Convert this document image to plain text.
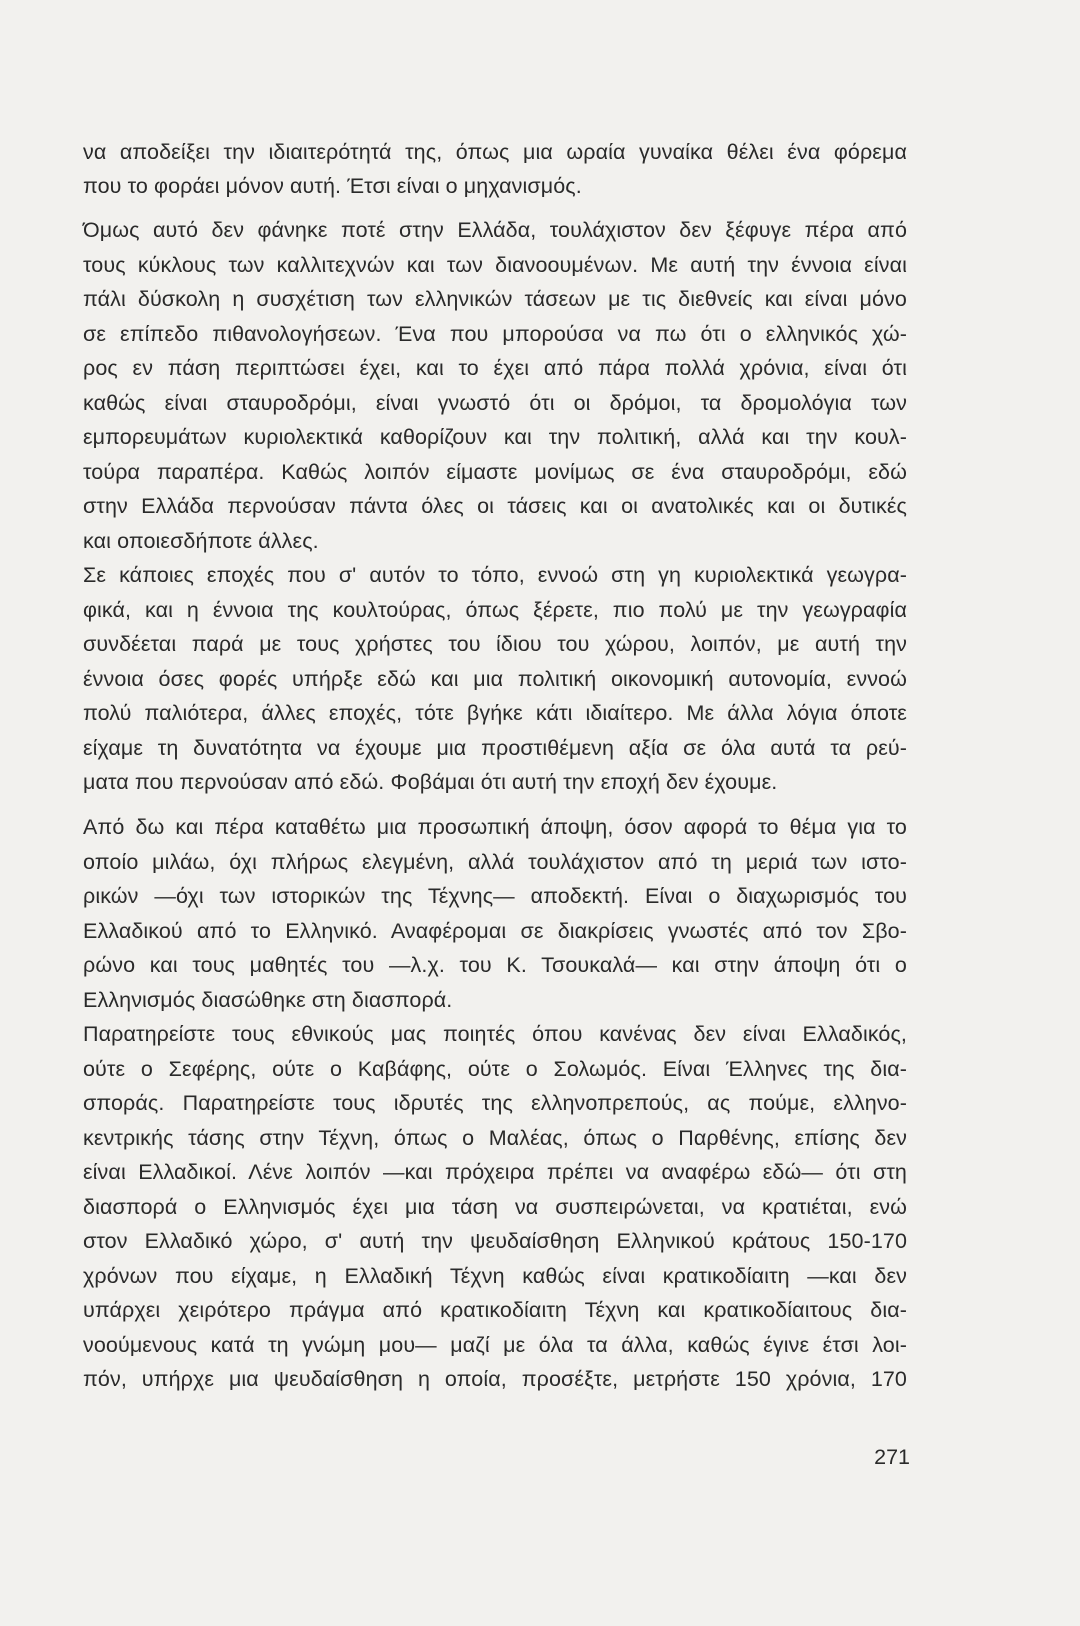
να αποδείξει την ιδιαιτερότητά της, όπως μια ωραία γυναίκα θέλει ένα φόρεμα
που το φοράει μόνον αυτή. Έτσι είναι ο μηχανισμός.
Όμως αυτό δεν φάνηκε ποτέ στην Ελλάδα, τουλάχιστον δεν ξέφυγε πέρα από
τους κύκλους των καλλιτεχνών και των διανοουμένων. Με αυτή την έννοια είναι
πάλι δύσκολη η συσχέτιση των ελληνικών τάσεων με τις διεθνείς και είναι μόνο
σε επίπεδο πιθανολογήσεων. Ένα που μπορούσα να πω ότι ο ελληνικός χώ-
ρος εν πάση περιπτώσει έχει, και το έχει από πάρα πολλά χρόνια, είναι ότι
καθώς είναι σταυροδρόμι, είναι γνωστό ότι οι δρόμοι, τα δρομολόγια των
εμπορευμάτων κυριολεκτικά καθορίζουν και την πολιτική, αλλά και την κουλ-
τούρα παραπέρα. Καθώς λοιπόν είμαστε μονίμως σε ένα σταυροδρόμι, εδώ
στην Ελλάδα περνούσαν πάντα όλες οι τάσεις και οι ανατολικές και οι δυτικές
και οποιεσδήποτε άλλες.
Σε κάποιες εποχές που σ' αυτόν το τόπο, εννοώ στη γη κυριολεκτικά γεωγρα-
φικά, και η έννοια της κουλτούρας, όπως ξέρετε, πιο πολύ με την γεωγραφία
συνδέεται παρά με τους χρήστες του ίδιου του χώρου, λοιπόν, με αυτή την
έννοια όσες φορές υπήρξε εδώ και μια πολιτική οικονομική αυτονομία, εννοώ
πολύ παλιότερα, άλλες εποχές, τότε βγήκε κάτι ιδιαίτερο. Με άλλα λόγια όποτε
είχαμε τη δυνατότητα να έχουμε μια προστιθέμενη αξία σε όλα αυτά τα ρεύ-
ματα που περνούσαν από εδώ. Φοβάμαι ότι αυτή την εποχή δεν έχουμε.
Από δω και πέρα καταθέτω μια προσωπική άποψη, όσον αφορά το θέμα για το
οποίο μιλάω, όχι πλήρως ελεγμένη, αλλά τουλάχιστον από τη μεριά των ιστο-
ρικών —όχι των ιστορικών της Τέχνης— αποδεκτή. Είναι ο διαχωρισμός του
Ελλαδικού από το Ελληνικό. Αναφέρομαι σε διακρίσεις γνωστές από τον Σβο-
ρώνο και τους μαθητές του —λ.χ. του Κ. Τσουκαλά— και στην άποψη ότι ο
Ελληνισμός διασώθηκε στη διασπορά.
Παρατηρείστε τους εθνικούς μας ποιητές όπου κανένας δεν είναι Ελλαδικός,
ούτε ο Σεφέρης, ούτε ο Καβάφης, ούτε ο Σολωμός. Είναι Έλληνες της δια-
σποράς. Παρατηρείστε τους ιδρυτές της ελληνοπρεπούς, ας πούμε, ελληνο-
κεντρικής τάσης στην Τέχνη, όπως ο Μαλέας, όπως ο Παρθένης, επίσης δεν
είναι Ελλαδικοί. Λένε λοιπόν —και πρόχειρα πρέπει να αναφέρω εδώ— ότι στη
διασπορά ο Ελληνισμός έχει μια τάση να συσπειρώνεται, να κρατιέται, ενώ
στον Ελλαδικό χώρο, σ' αυτή την ψευδαίσθηση Ελληνικού κράτους 150-170
χρόνων που είχαμε, η Ελλαδική Τέχνη καθώς είναι κρατικοδίαιτη —και δεν
υπάρχει χειρότερο πράγμα από κρατικοδίαιτη Τέχνη και κρατικοδίαιτους δια-
νοούμενους κατά τη γνώμη μου— μαζί με όλα τα άλλα, καθώς έγινε έτσι λοι-
πόν, υπήρχε μια ψευδαίσθηση η οποία, προσέξτε, μετρήστε 150 χρόνια, 170
271
